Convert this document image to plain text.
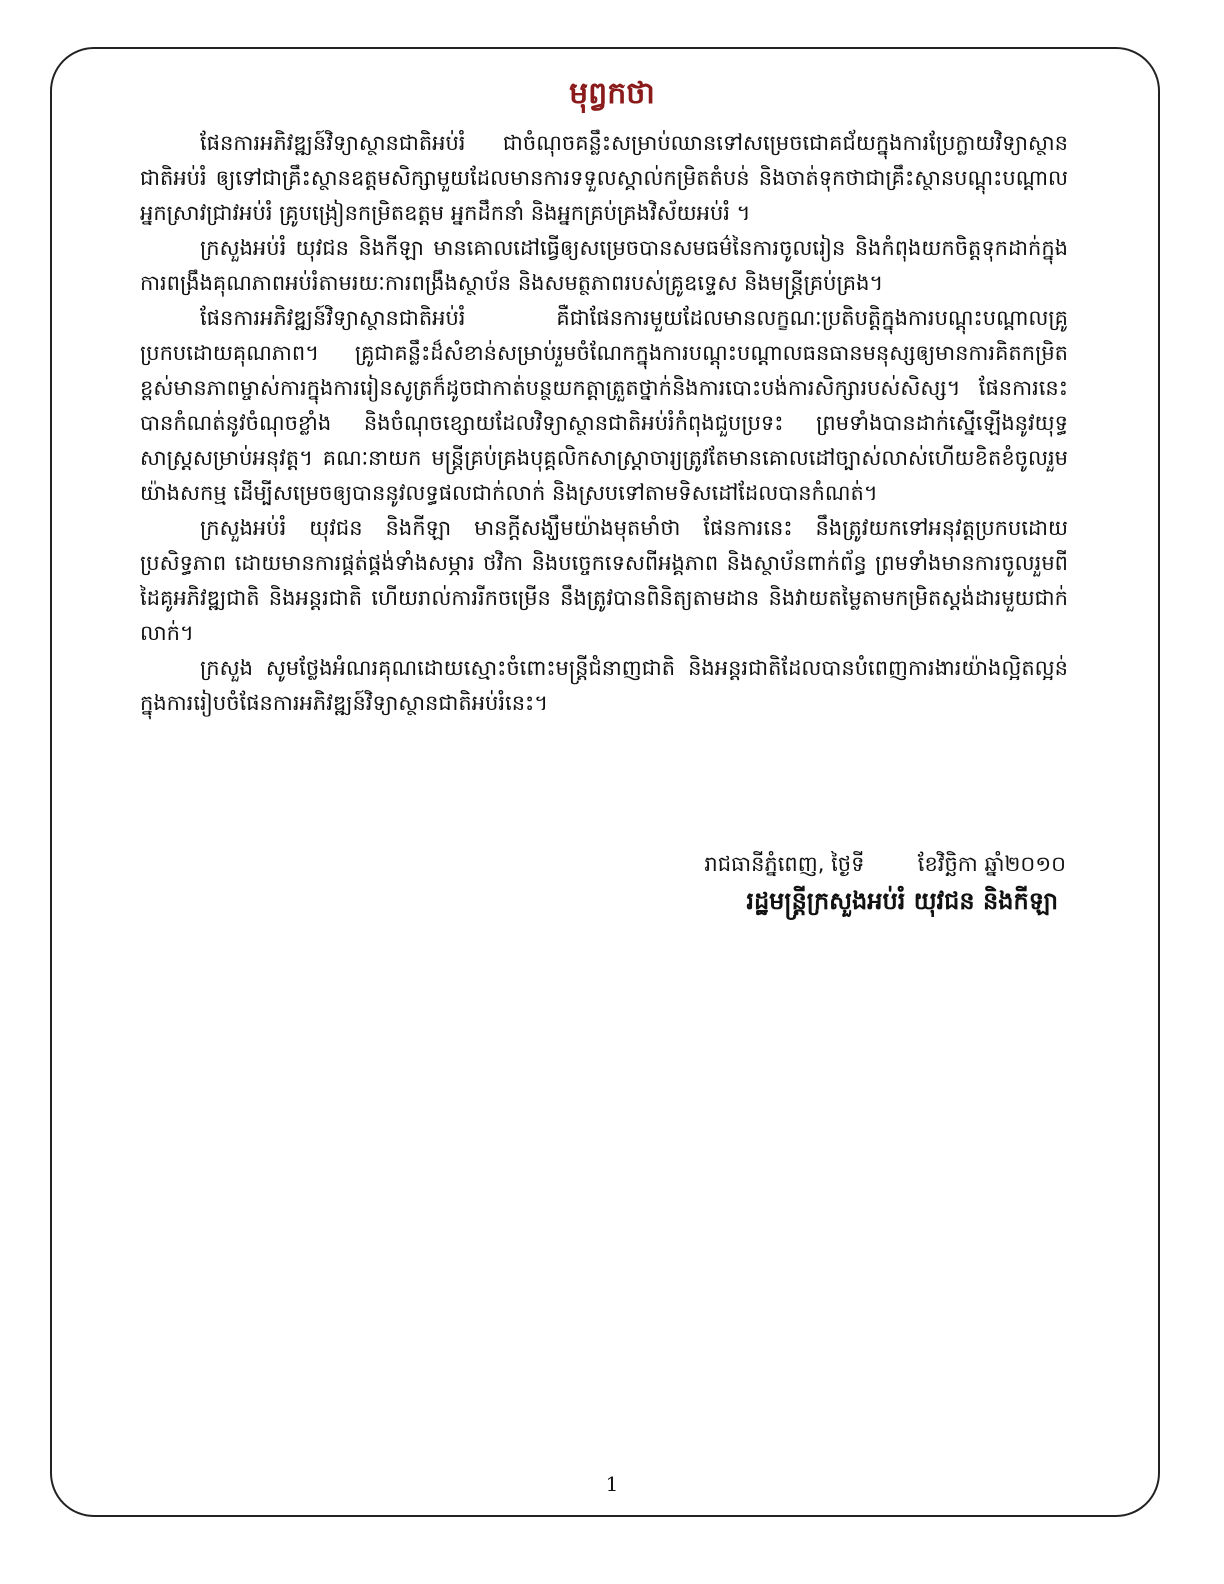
មុព្វកថា

ផែនការអភិវឌ្ឍន៍វិទ្យាស្ថានជាតិអប់រំ ជាចំណុចគន្លឹះសម្រាប់ឈានទៅសម្រេចជោគជ័យក្នុងការប្រែក្លាយវិទ្យាស្ថានជាតិអប់រំ ឲ្យទៅជាគ្រឹះស្ថានឧត្តមសិក្សាមួយដែលមានការទទួលស្គាល់កម្រិតតំបន់ និងចាត់ទុកថាជាគ្រឹះស្ថានបណ្តុះបណ្តាលអ្នកស្រាវជ្រាវអប់រំ គ្រូបង្រៀនកម្រិតឧត្តម អ្នកដឹកនាំ និងអ្នកគ្រប់គ្រងវិស័យអប់រំ ។

ក្រសួងអប់រំ យុវជន និងកីឡា មានគោលដៅធ្វើឲ្យសម្រេចបានសមធម៌នៃការចូលរៀន និងកំពុងយកចិត្តទុកដាក់ក្នុងការពង្រឹងគុណភាពអប់រំតាមរយៈការពង្រឹងស្ថាប័ន និងសមត្ថភាពរបស់គ្រូឧទ្ទេស និងមន្ត្រីគ្រប់គ្រង។

ផែនការអភិវឌ្ឍន៍វិទ្យាស្ថានជាតិអប់រំ គឺជាផែនការមួយដែលមានលក្ខណៈប្រតិបត្តិក្នុងការបណ្តុះបណ្តាលគ្រូប្រកបដោយគុណភាព។ គ្រូជាគន្លឹះដ៏សំខាន់សម្រាប់រួមចំណែកក្នុងការបណ្តុះបណ្តាលធនធានមនុស្សឲ្យមានការគិតកម្រិតខ្ពស់មានភាពម្ចាស់ការក្នុងការរៀនសូត្រក៏ដូចជាកាត់បន្ថយកត្តាត្រួតថ្នាក់និងការបោះបង់ការសិក្សារបស់សិស្ស។ ផែនការនេះបានកំណត់នូវចំណុចខ្លាំង និងចំណុចខ្សោយដែលវិទ្យាស្ថានជាតិអប់រំកំពុងជួបប្រទះ ព្រមទាំងបានដាក់ស្នើឡើងនូវយុទ្ធសាស្ត្រសម្រាប់អនុវត្ត។ គណៈនាយក មន្ត្រីគ្រប់គ្រងបុគ្គលិកសាស្ត្រាចារ្យត្រូវតែមានគោលដៅច្បាស់លាស់ហើយខិតខំចូលរួមយ៉ាងសកម្ម ដើម្បីសម្រេចឲ្យបាននូវលទ្ធផលជាក់លាក់ និងស្របទៅតាមទិសដៅដែលបានកំណត់។

ក្រសួងអប់រំ យុវជន និងកីឡា មានក្តីសង្ឃឹមយ៉ាងមុតមាំថា ផែនការនេះ នឹងត្រូវយកទៅអនុវត្តប្រកបដោយប្រសិទ្ធភាព ដោយមានការផ្គត់ផ្គង់ទាំងសម្ភារ ថវិកា និងបច្ចេកទេសពីអង្គភាព និងស្ថាប័នពាក់ព័ន្ធ ព្រមទាំងមានការចូលរួមពីដៃគូអភិវឌ្ឍជាតិ និងអន្តរជាតិ ហើយរាល់ការរីកចម្រើន នឹងត្រូវបានពិនិត្យតាមដាន និងវាយតម្លៃតាមកម្រិតស្តង់ដារមួយជាក់លាក់។

ក្រសួង សូមថ្លែងអំណរគុណដោយស្មោះចំពោះមន្ត្រីជំនាញជាតិ និងអន្តរជាតិដែលបានបំពេញការងារយ៉ាងល្អិតល្អន់ក្នុងការរៀបចំផែនការអភិវឌ្ឍន៍វិទ្យាស្ថានជាតិអប់រំនេះ។

រាជធានីភ្នំពេញ, ថ្ងៃទី        ខែវិច្ឆិកា ឆ្នាំ២០១០
រដ្ឋមន្ត្រីក្រសួងអប់រំ យុវជន និងកីឡា
1
